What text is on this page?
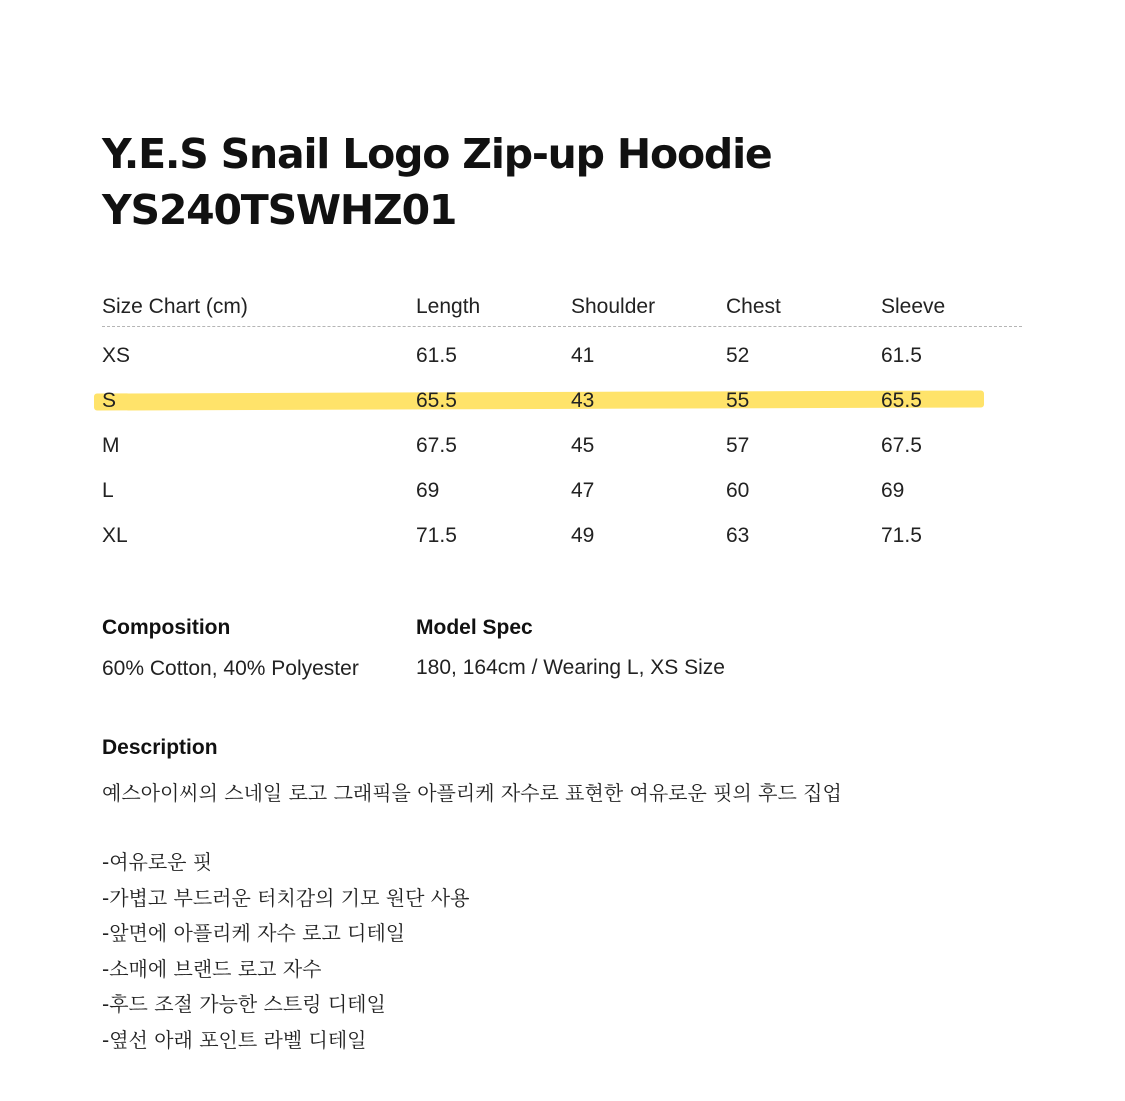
Y.E.S Snail Logo Zip-up Hoodie
YS240TSWHZ01
Size Chart (cm)	Length	Shoulder	Chest	Sleeve
XS	61.5	41	52	61.5
S	65.5	43	55	65.5
M	67.5	45	57	67.5
L	69	47	60	69
XL	71.5	49	63	71.5
Composition
60% Cotton, 40% Polyester
Model Spec
180, 164cm / Wearing L, XS Size
Description
예스아이씨의 스네일 로고 그래픽을 아플리케 자수로 표현한 여유로운 핏의 후드 집업
-여유로운 핏
-가볍고 부드러운 터치감의 기모 원단 사용
-앞면에 아플리케 자수 로고 디테일
-소매에 브랜드 로고 자수
-후드 조절 가능한 스트링 디테일
-옆선 아래 포인트 라벨 디테일
